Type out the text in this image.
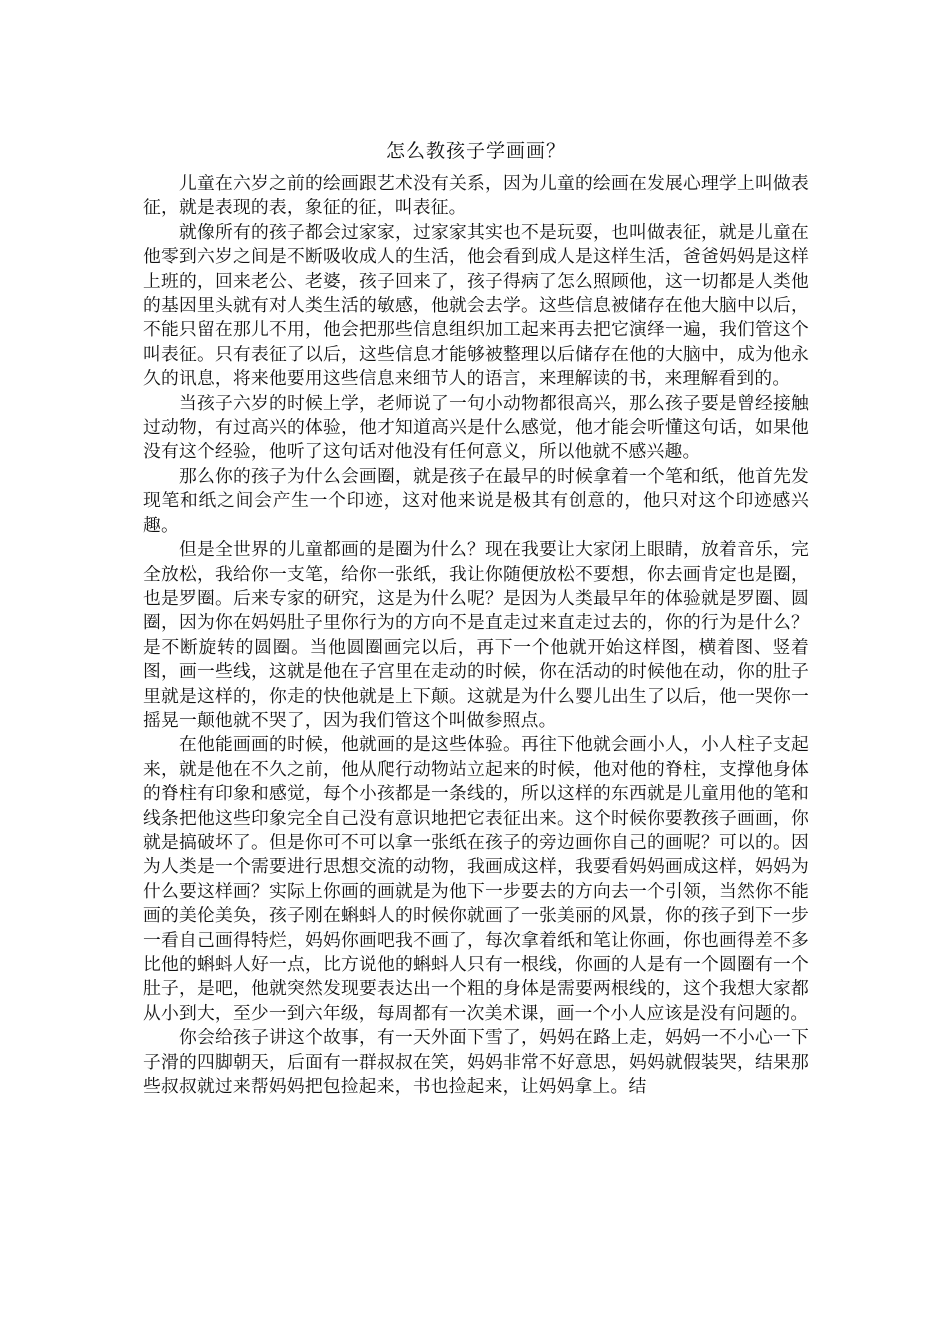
怎么教孩子学画画？

儿童在六岁之前的绘画跟艺术没有关系，因为儿童的绘画在发展心理学上叫做表征，就是表现的表，象征的征，叫表征。

就像所有的孩子都会过家家，过家家其实也不是玩耍，也叫做表征，就是儿童在他零到六岁之间是不断吸收成人的生活，他会看到成人是这样生活，爸爸妈妈是这样上班的，回来老公、老婆，孩子回来了，孩子得病了怎么照顾他，这一切都是人类他的基因里头就有对人类生活的敏感，他就会去学。这些信息被储存在他大脑中以后，不能只留在那儿不用，他会把那些信息组织加工起来再去把它演绎一遍，我们管这个叫表征。只有表征了以后，这些信息才能够被整理以后储存在他的大脑中，成为他永久的讯息，将来他要用这些信息来细节人的语言，来理解读的书，来理解看到的。

当孩子六岁的时候上学，老师说了一句小动物都很高兴，那么孩子要是曾经接触过动物，有过高兴的体验，他才知道高兴是什么感觉，他才能会听懂这句话，如果他没有这个经验，他听了这句话对他没有任何意义，所以他就不感兴趣。

那么你的孩子为什么会画圈，就是孩子在最早的时候拿着一个笔和纸，他首先发现笔和纸之间会产生一个印迹，这对他来说是极其有创意的，他只对这个印迹感兴趣。

但是全世界的儿童都画的是圈为什么？现在我要让大家闭上眼睛，放着音乐，完全放松，我给你一支笔，给你一张纸，我让你随便放松不要想，你去画肯定也是圈，也是罗圈。后来专家的研究，这是为什么呢？是因为人类最早年的体验就是罗圈、圆圈，因为你在妈妈肚子里你行为的方向不是直走过来直走过去的，你的行为是什么？是不断旋转的圆圈。当他圆圈画完以后，再下一个他就开始这样图，横着图、竖着图，画一些线，这就是他在子宫里在走动的时候，你在活动的时候他在动，你的肚子里就是这样的，你走的快他就是上下颠。这就是为什么婴儿出生了以后，他一哭你一摇晃一颠他就不哭了，因为我们管这个叫做参照点。

在他能画画的时候，他就画的是这些体验。再往下他就会画小人，小人柱子支起来，就是他在不久之前，他从爬行动物站立起来的时候，他对他的脊柱，支撑他身体的脊柱有印象和感觉，每个小孩都是一条线的，所以这样的东西就是儿童用他的笔和线条把他这些印象完全自己没有意识地把它表征出来。这个时候你要教孩子画画，你就是搞破坏了。但是你可不可以拿一张纸在孩子的旁边画你自己的画呢？可以的。因为人类是一个需要进行思想交流的动物，我画成这样，我要看妈妈画成这样，妈妈为什么要这样画？实际上你画的画就是为他下一步要去的方向去一个引领，当然你不能画的美伦美奂，孩子刚在蝌蚪人的时候你就画了一张美丽的风景，你的孩子到下一步一看自己画得特烂，妈妈你画吧我不画了，每次拿着纸和笔让你画，你也画得差不多比他的蝌蚪人好一点，比方说他的蝌蚪人只有一根线，你画的人是有一个圆圈有一个肚子，是吧，他就突然发现要表达出一个粗的身体是需要两根线的，这个我想大家都从小到大，至少一到六年级，每周都有一次美术课，画一个小人应该是没有问题的。

你会给孩子讲这个故事，有一天外面下雪了，妈妈在路上走，妈妈一不小心一下子滑的四脚朝天，后面有一群叔叔在笑，妈妈非常不好意思，妈妈就假装哭，结果那些叔叔就过来帮妈妈把包捡起来，书也捡起来，让妈妈拿上。结
